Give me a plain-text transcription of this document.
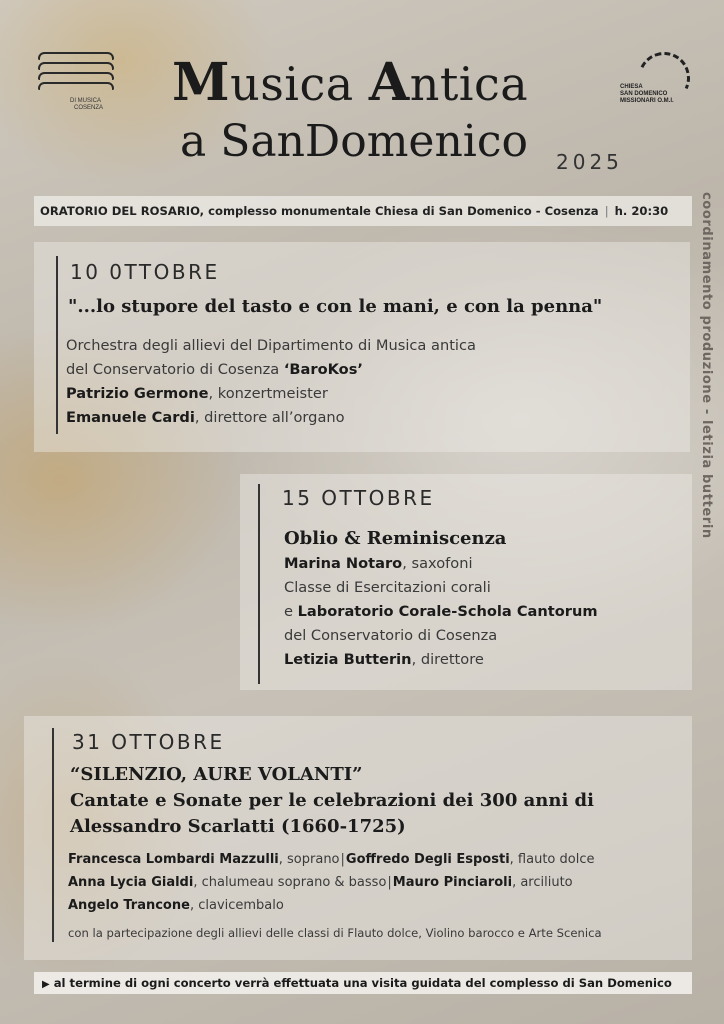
DI MUSICA
COSENZA
CHIESA
SAN DOMENICO
MISSIONARI O.M.I.
Musica Antica
a SanDomenico 2025
ORATORIO DEL ROSARIO, complesso monumentale Chiesa di San Domenico - Cosenza | h. 20:30 coordinamento produzione - letizia butterin
10 0TTOBRE
"...lo stupore del tasto e con le mani, e con la penna"
Orchestra degli allievi del Dipartimento di Musica antica
del Conservatorio di Cosenza ‘BaroKos’
Patrizio Germone, konzertmeister
Emanuele Cardi, direttore all’organo
15 OTTOBRE
Oblio & Reminiscenza
Marina Notaro, saxofoni
Classe di Esercitazioni corali
e Laboratorio Corale-Schola Cantorum
del Conservatorio di Cosenza
Letizia Butterin, direttore
31 OTTOBRE
“SILENZIO, AURE VOLANTI”
Cantate e Sonate per le celebrazioni dei 300 anni di
Alessandro Scarlatti (1660-1725)
Francesca Lombardi Mazzulli, soprano|Goffredo Degli Esposti, flauto dolce
Anna Lycia Gialdi, chalumeau soprano & basso|Mauro Pinciaroli, arciliuto
Angelo Trancone, clavicembalo
con la partecipazione degli allievi delle classi di Flauto dolce, Violino barocco e Arte Scenica
▶ al termine di ogni concerto verrà effettuata una visita guidata del complesso di San Domenico
